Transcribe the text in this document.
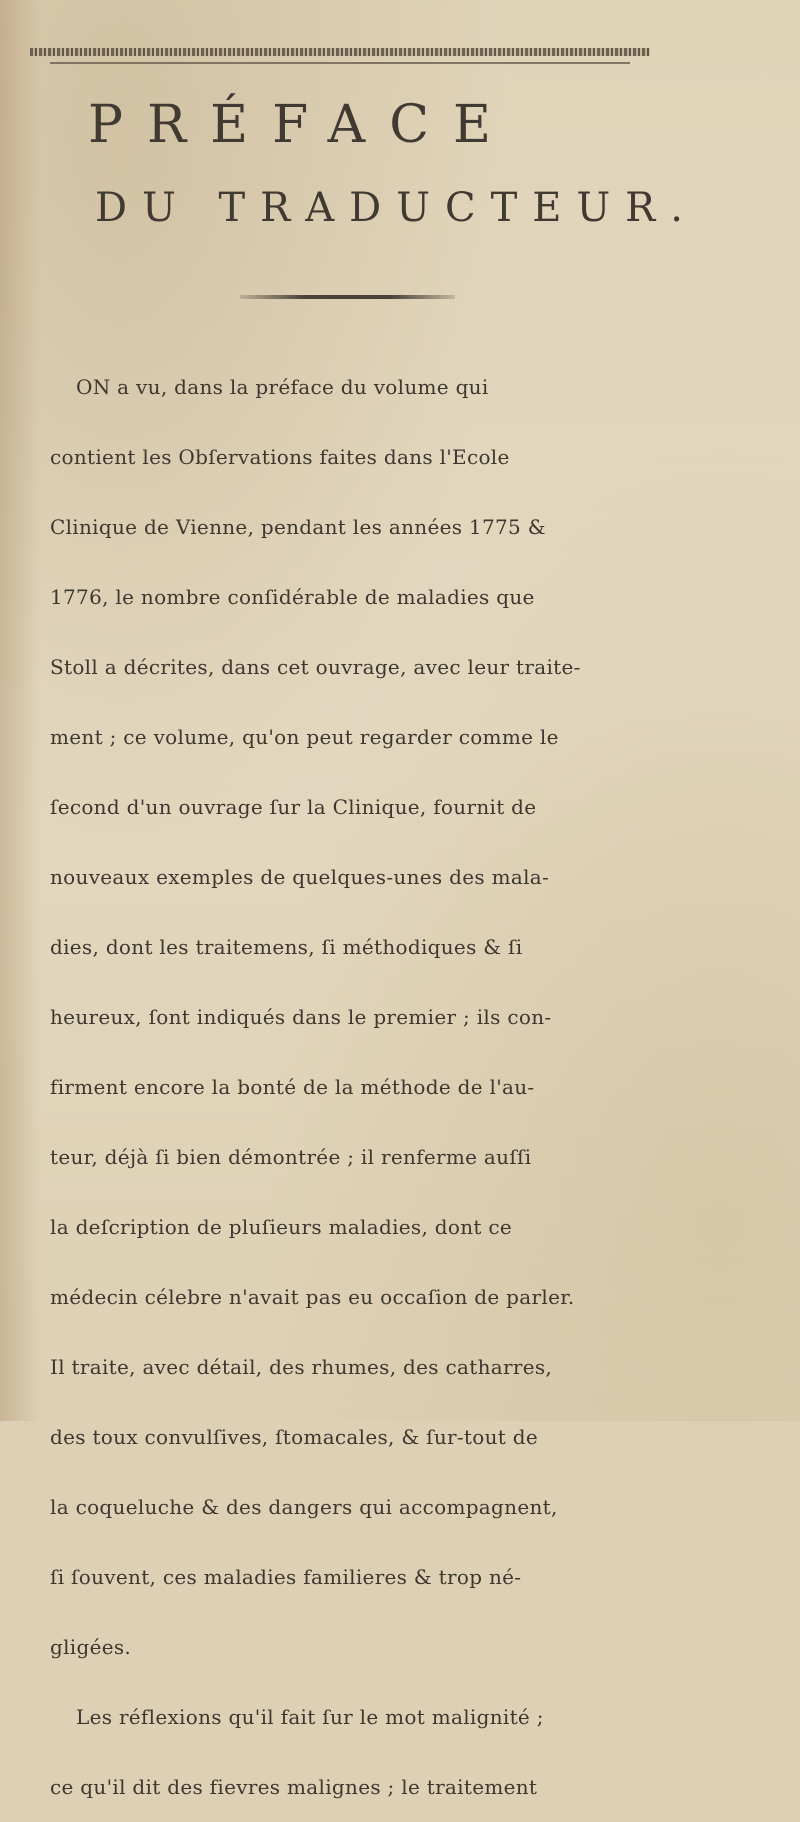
PRÉFACE
DU TRADUCTEUR.
ON a vu, dans la préface du volume qui
contient les Obſervations faites dans l'Ecole
Clinique de Vienne, pendant les années 1775 &
1776, le nombre conſidérable de maladies que
Stoll a décrites, dans cet ouvrage, avec leur traite-
ment ; ce volume, qu'on peut regarder comme le
ſecond d'un ouvrage ſur la Clinique, fournit de
nouveaux exemples de quelques-unes des mala-
dies, dont les traitemens, ſi méthodiques & ſi
heureux, ſont indiqués dans le premier ; ils con-
firment encore la bonté de la méthode de l'au-
teur, déjà ſi bien démontrée ; il renferme auſſi
la deſcription de pluſieurs maladies, dont ce
médecin célebre n'avait pas eu occaſion de parler.
Il traite, avec détail, des rhumes, des catharres,
des toux convulſives, ſtomacales, & ſur-tout de
la coqueluche & des dangers qui accompagnent,
ſi ſouvent, ces maladies familieres & trop né-
gligées.
Les réflexions qu'il fait ſur le mot malignité ;
ce qu'il dit des fievres malignes ; le traitement
